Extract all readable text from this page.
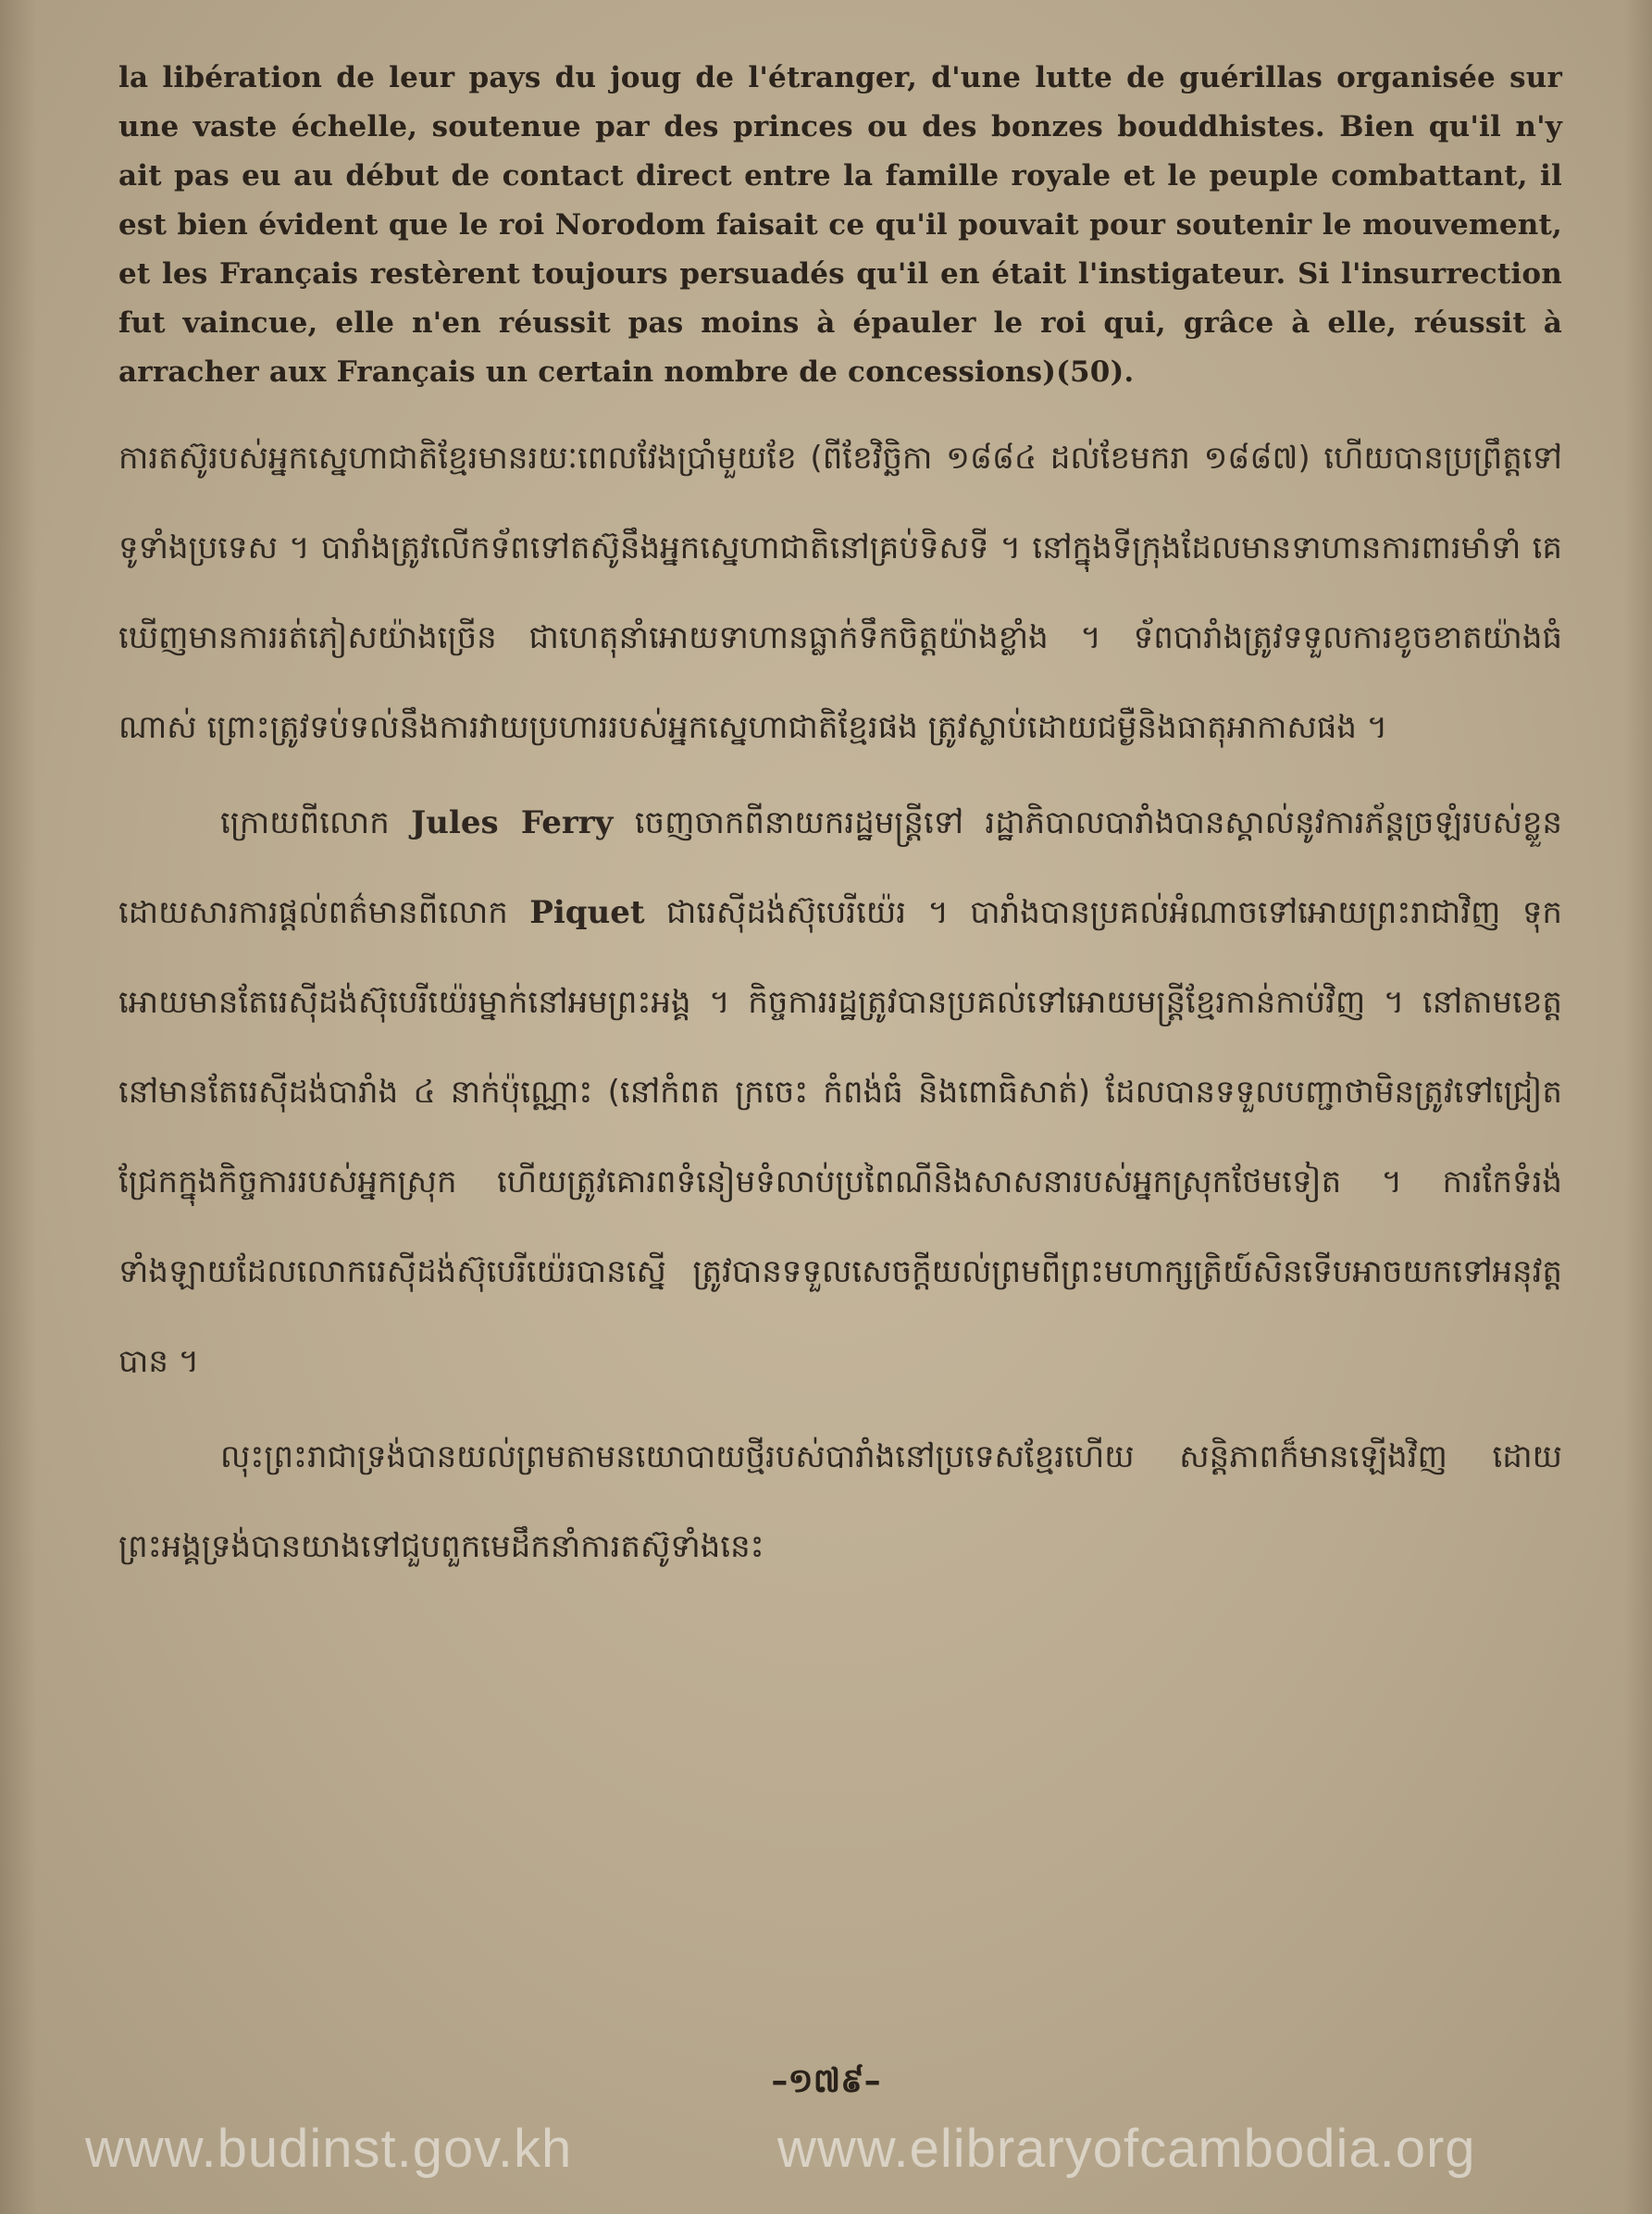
la libération de leur pays du joug de l'étranger, d'une lutte de guérillas organisée sur une vaste échelle, soutenue par des princes ou des bonzes bouddhistes. Bien qu'il n'y ait pas eu au début de contact direct entre la famille royale et le peuple combattant, il est bien évident que le roi Norodom faisait ce qu'il pouvait pour soutenir le mouvement, et les Français restèrent toujours persuadés qu'il en était l'instigateur. Si l'insurrection fut vaincue, elle n'en réussit pas moins à épauler le roi qui, grâce à elle, réussit à arracher aux Français un certain nombre de concessions)(50).

ការតស៊ូរបស់អ្នកស្នេហាជាតិខ្មែរមានរយៈពេលវែងប្រាំមួយខែ (ពីខែវិច្ឆិកា ១៨៨៤ ដល់ខែមករា ១៨៨៧) ហើយបានប្រព្រឹត្តទៅទូទាំងប្រទេស ។ បារាំងត្រូវលើកទ័ពទៅតស៊ូនឹងអ្នកស្នេហាជាតិនៅគ្រប់ទិសទី ។ នៅក្នុងទីក្រុងដែលមានទាហានការពារមាំទាំ គេឃើញមានការរត់ភៀសយ៉ាងច្រើន ជាហេតុនាំអោយទាហានធ្លាក់ទឹកចិត្តយ៉ាងខ្លាំង ។ ទ័ពបារាំងត្រូវទទួលការខូចខាតយ៉ាងធំណាស់ ព្រោះត្រូវទប់ទល់នឹងការវាយប្រហាររបស់អ្នកស្នេហាជាតិខ្មែរផង ត្រូវស្លាប់ដោយជម្ងឺនិងធាតុអាកាសផង ។

ក្រោយពីលោក Jules Ferry ចេញចាកពីនាយករដ្ឋមន្ត្រីទៅ រដ្ឋាភិបាលបារាំងបានស្គាល់នូវការភ័ន្តច្រឡំរបស់ខ្លួន ដោយសារការផ្តល់ពត៌មានពីលោក Piquet ជារេស៊ីដង់ស៊ុបេរីយ៉េរ ។ បារាំងបានប្រគល់អំណាចទៅអោយព្រះរាជាវិញ ទុកអោយមានតែរេស៊ីដង់ស៊ុបេរីយ៉េរម្នាក់នៅអមព្រះអង្គ ។ កិច្ចការរដ្ឋត្រូវបានប្រគល់ទៅអោយមន្ត្រីខ្មែរកាន់កាប់វិញ ។ នៅតាមខេត្ត នៅមានតែរេស៊ីដង់បារាំង ៤ នាក់ប៉ុណ្ណោះ (នៅកំពត ក្រចេះ កំពង់ធំ និងពោធិសាត់) ដែលបានទទួលបញ្ជាថាមិនត្រូវទៅជ្រៀតជ្រែកក្នុងកិច្ចការរបស់អ្នកស្រុក ហើយត្រូវគោរពទំនៀមទំលាប់ប្រពៃណីនិងសាសនារបស់អ្នកស្រុកថែមទៀត ។ ការកែទំរង់ទាំងឡាយដែលលោករេស៊ីដង់ស៊ុបេរីយ៉េរបានស្នើ ត្រូវបានទទួលសេចក្តីយល់ព្រមពីព្រះមហាក្សត្រិយ៍សិនទើបអាចយកទៅអនុវត្តបាន ។

លុះព្រះរាជាទ្រង់បានយល់ព្រមតាមនយោបាយថ្មីរបស់បារាំងនៅប្រទេសខ្មែរហើយ សន្តិភាពក៏មានឡើងវិញ ដោយព្រះអង្គទ្រង់បានយាងទៅជួបពួកមេដឹកនាំការតស៊ូទាំងនេះ

–១៧៩–
www.budinst.gov.kh	www.elibraryofcambodia.org
